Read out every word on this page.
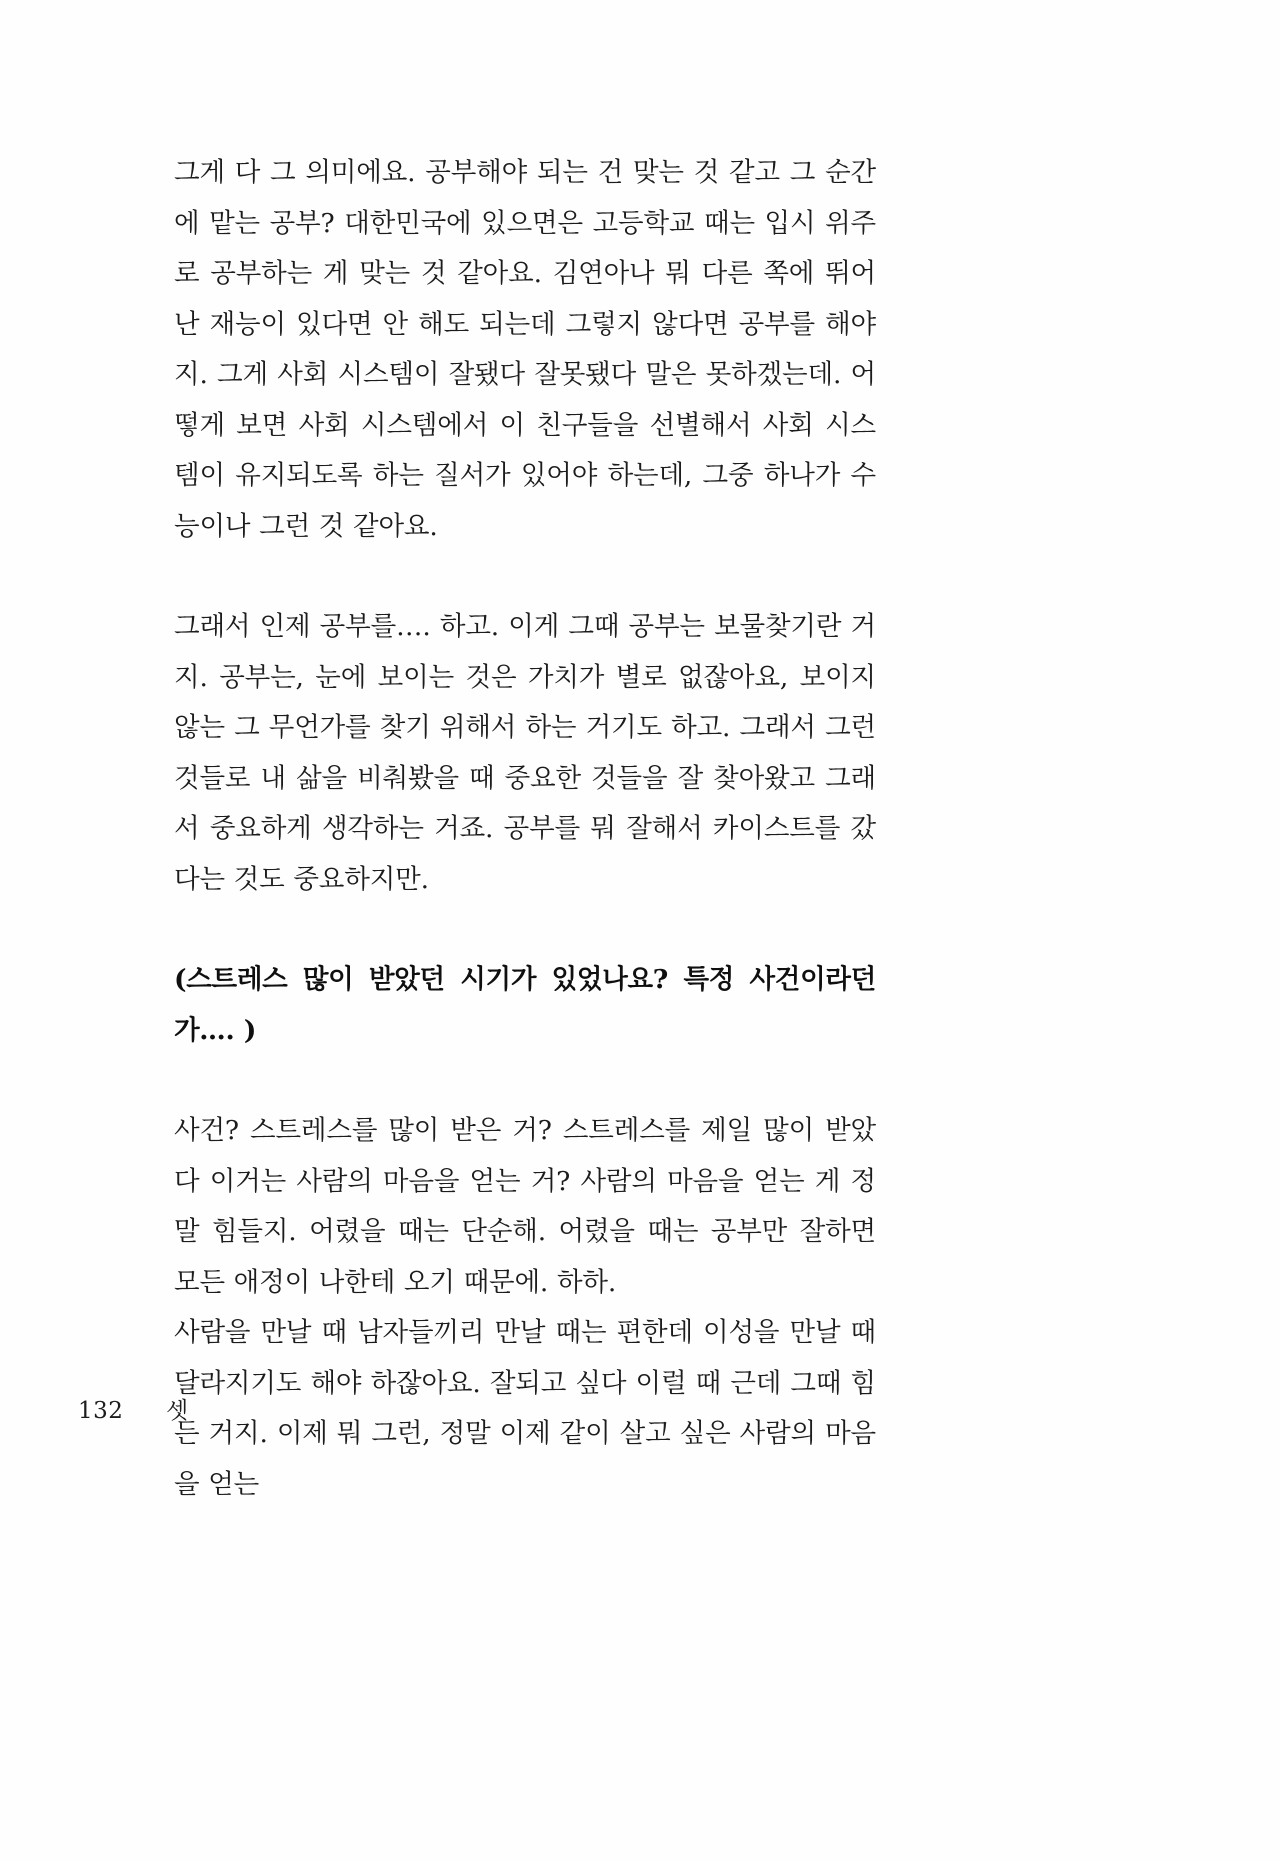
그게 다 그 의미에요. 공부해야 되는 건 맞는 것 같고 그 순간에 맡는 공부? 대한민국에 있으면은 고등학교 때는 입시 위주로 공부하는 게 맞는 것 같아요. 김연아나 뭐 다른 쪽에 뛰어난 재능이 있다면 안 해도 되는데 그렇지 않다면 공부를 해야지. 그게 사회 시스템이 잘됐다 잘못됐다 말은 못하겠는데. 어떻게 보면 사회 시스템에서 이 친구들을 선별해서 사회 시스템이 유지되도록 하는 질서가 있어야 하는데, 그중 하나가 수능이나 그런 것 같아요.

그래서 인제 공부를…. 하고. 이게 그때 공부는 보물찾기란 거지. 공부는, 눈에 보이는 것은 가치가 별로 없잖아요, 보이지 않는 그 무언가를 찾기 위해서 하는 거기도 하고. 그래서 그런 것들로 내 삶을 비춰봤을 때 중요한 것들을 잘 찾아왔고 그래서 중요하게 생각하는 거죠. 공부를 뭐 잘해서 카이스트를 갔다는 것도 중요하지만.

(스트레스 많이 받았던 시기가 있었나요? 특정 사건이라던가…. )

사건? 스트레스를 많이 받은 거? 스트레스를 제일 많이 받았다 이거는 사람의 마음을 얻는 거? 사람의 마음을 얻는 게 정말 힘들지. 어렸을 때는 단순해. 어렸을 때는 공부만 잘하면 모든 애정이 나한테 오기 때문에. 하하.

사람을 만날 때 남자들끼리 만날 때는 편한데 이성을 만날 때 달라지기도 해야 하잖아요. 잘되고 싶다 이럴 때 근데 그때 힘든 거지. 이제 뭐 그런, 정말 이제 같이 살고 싶은 사람의 마음을 얻는

132	셋
